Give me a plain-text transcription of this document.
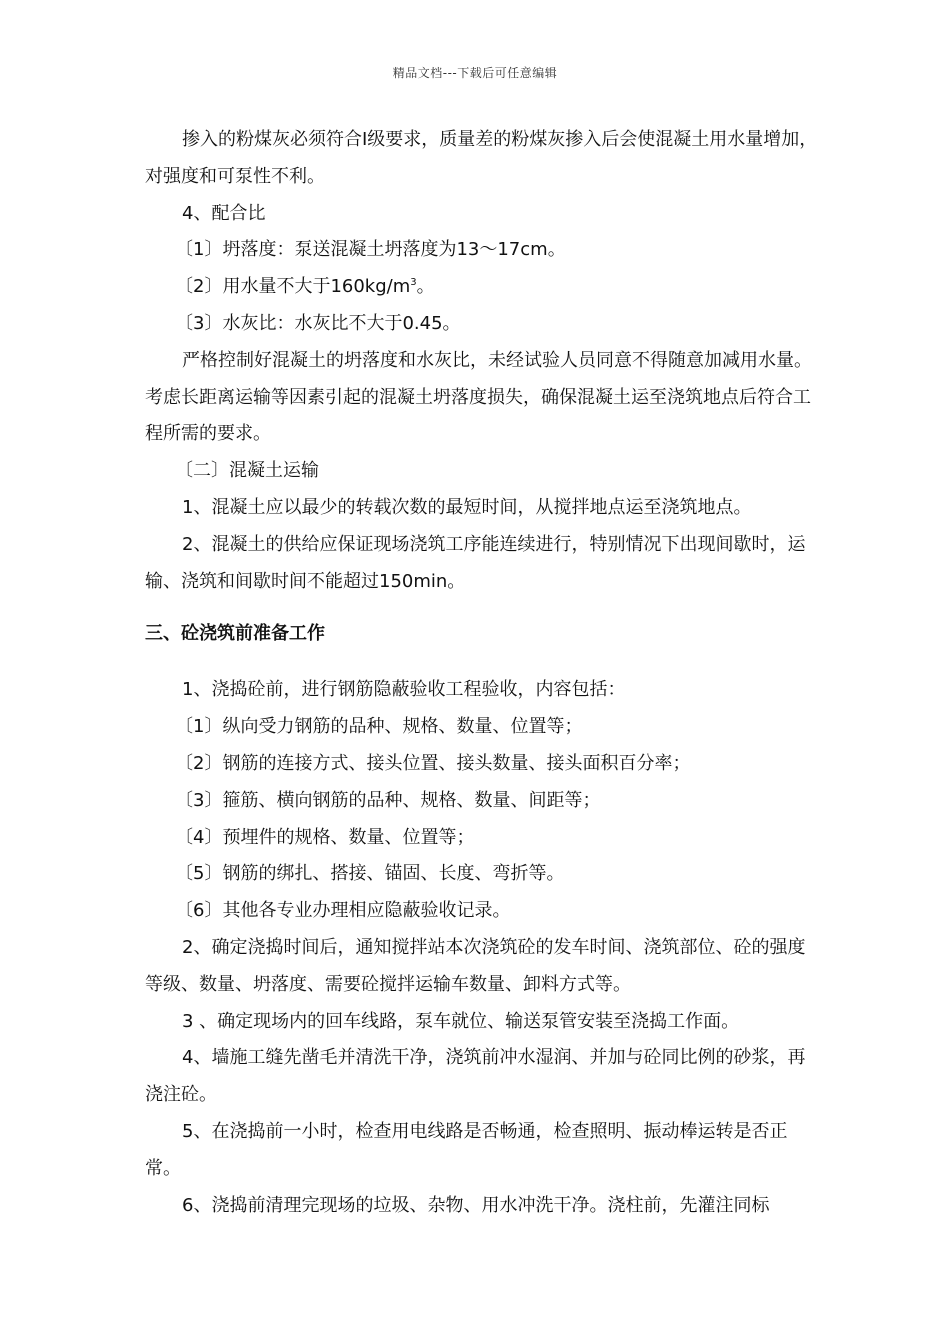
精品文档---下载后可任意编辑

掺入的粉煤灰必须符合Ⅰ级要求，质量差的粉煤灰掺入后会使混凝土用水量增加，对强度和可泵性不利。

4、配合比

〔1〕坍落度：泵送混凝土坍落度为13～17cm。

〔2〕用水量不大于$160kg/m^3$。

〔3〕水灰比：水灰比不大于0.45。

严格控制好混凝土的坍落度和水灰比，未经试验人员同意不得随意加减用水量。考虑长距离运输等因素引起的混凝土坍落度损失，确保混凝土运至浇筑地点后符合工程所需的要求。

〔二〕混凝土运输

1、混凝土应以最少的转载次数的最短时间，从搅拌地点运至浇筑地点。

2、混凝土的供给应保证现场浇筑工序能连续进行，特别情况下出现间歇时，运输、浇筑和间歇时间不能超过150min。

三、砼浇筑前准备工作

1、浇捣砼前，进行钢筋隐蔽验收工程验收，内容包括：

〔1〕纵向受力钢筋的品种、规格、数量、位置等；

〔2〕钢筋的连接方式、接头位置、接头数量、接头面积百分率；

〔3〕箍筋、横向钢筋的品种、规格、数量、间距等；

〔4〕预埋件的规格、数量、位置等；

〔5〕钢筋的绑扎、搭接、锚固、长度、弯折等。

〔6〕其他各专业办理相应隐蔽验收记录。

2、确定浇捣时间后，通知搅拌站本次浇筑砼的发车时间、浇筑部位、砼的强度等级、数量、坍落度、需要砼搅拌运输车数量、卸料方式等。

3 、确定现场内的回车线路，泵车就位、输送泵管安装至浇捣工作面。

4、墙施工缝先凿毛并清洗干净，浇筑前冲水湿润、并加与砼同比例的砂浆，再浇注砼。

5、在浇捣前一小时，检查用电线路是否畅通，检查照明、振动棒运转是否正常。

6、浇捣前清理完现场的垃圾、杂物、用水冲洗干净。浇柱前，先灌注同标
